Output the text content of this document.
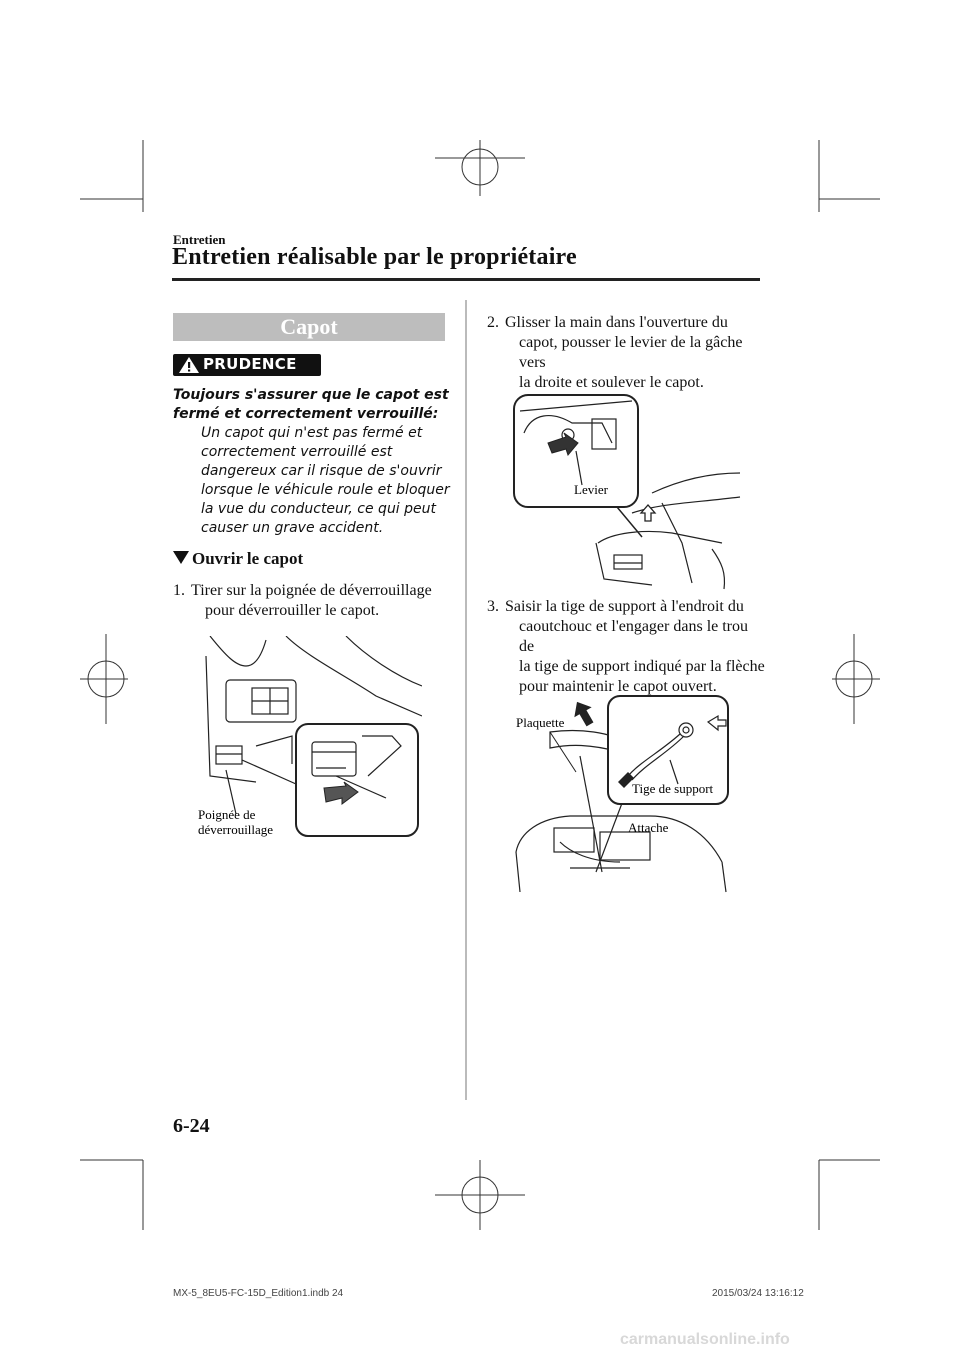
Entretien
Entretien réalisable par le propriétaire
Capot
PRUDENCE
Toujours s'assurer que le capot est fermé et correctement verrouillé:
Un capot qui n'est pas fermé et correctement verrouillé est dangereux car il risque de s'ouvrir lorsque le véhicule roule et bloquer la vue du conducteur, ce qui peut causer un grave accident.
Ouvrir le capot
1. Tirer sur la poignée de déverrouillage
pour déverrouiller le capot.
Poignée de
déverrouillage
2. Glisser la main dans l'ouverture du
capot, pousser le levier de la gâche vers
la droite et soulever le capot.
Levier
3. Saisir la tige de support à l'endroit du
caoutchouc et l'engager dans le trou de
la tige de support indiqué par la flèche
pour maintenir le capot ouvert.
Plaquette
Tige de support
Attache
6-24
MX-5_8EU5-FC-15D_Edition1.indb 24	2015/03/24 13:16:12
carmanualsonline.info
